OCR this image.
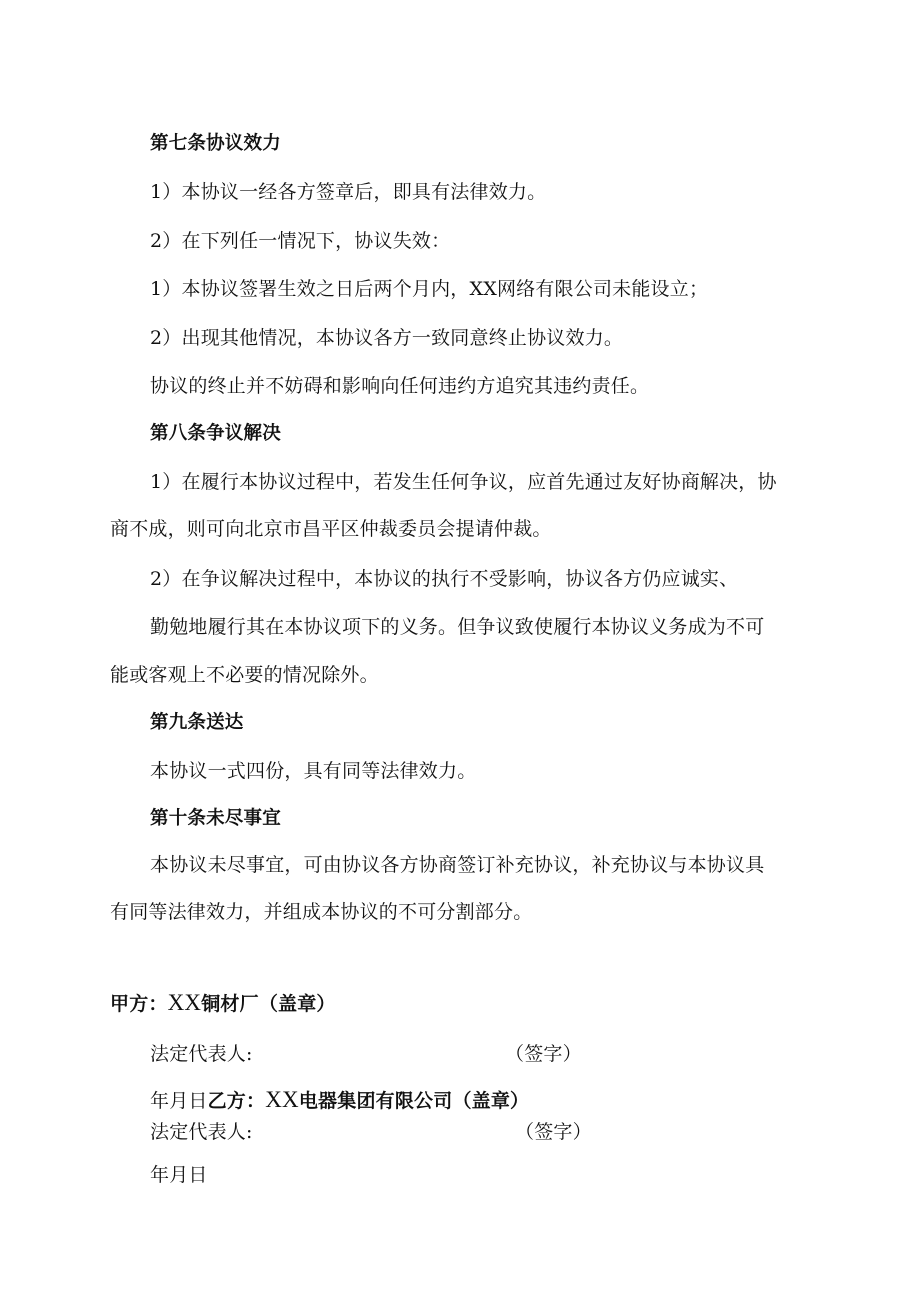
第七条协议效力
1）本协议一经各方签章后，即具有法律效力。
2）在下列任一情况下，协议失效：
1）本协议签署生效之日后两个月内，XX网络有限公司未能设立；
2）出现其他情况，本协议各方一致同意终止协议效力。
协议的终止并不妨碍和影响向任何违约方追究其违约责任。
第八条争议解决
1）在履行本协议过程中，若发生任何争议，应首先通过友好协商解决，协
商不成，则可向北京市昌平区仲裁委员会提请仲裁。
2）在争议解决过程中，本协议的执行不受影响，协议各方仍应诚实、
勤勉地履行其在本协议项下的义务。但争议致使履行本协议义务成为不可
能或客观上不必要的情况除外。
第九条送达
本协议一式四份，具有同等法律效力。
第十条未尽事宜
本协议未尽事宜，可由协议各方协商签订补充协议，补充协议与本协议具
有同等法律效力，并组成本协议的不可分割部分。
甲方：XX铜材厂（盖章）
法定代表人:	（签字）
年月日乙方：XX电器集团有限公司（盖章）
法定代表人:	（签字）
年月日
